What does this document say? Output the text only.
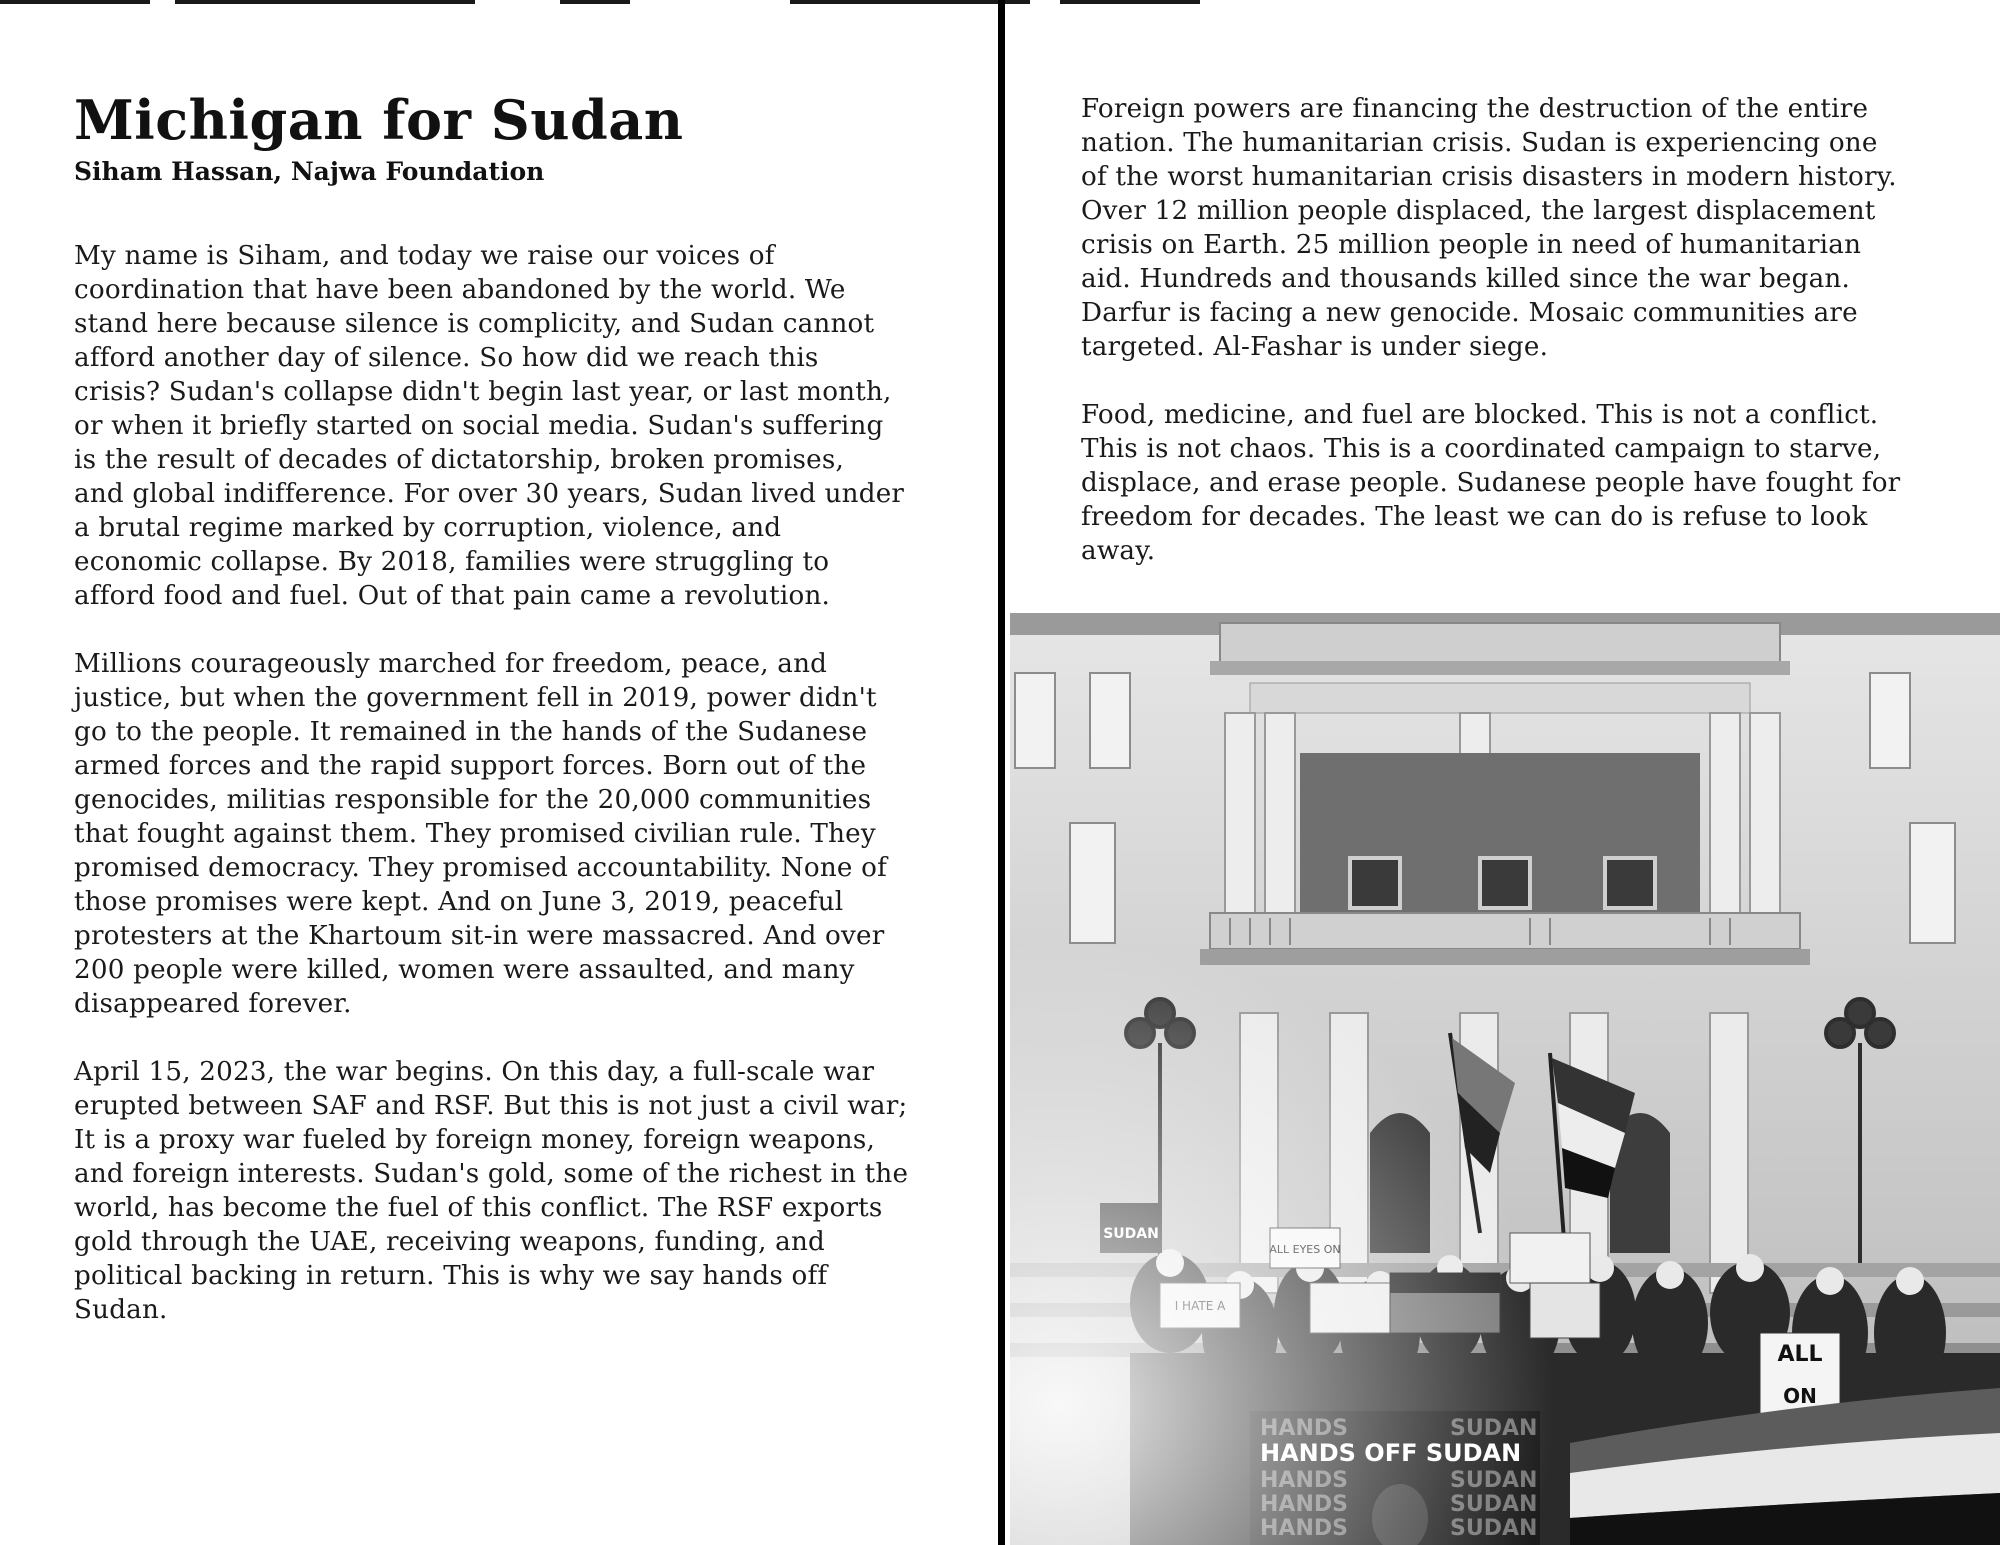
Michigan for Sudan

Siham Hassan, Najwa Foundation

My name is Siham, and today we raise our voices of
coordination that have been abandoned by the world. We
stand here because silence is complicity, and Sudan cannot
afford another day of silence. So how did we reach this
crisis? Sudan's collapse didn't begin last year, or last month,
or when it briefly started on social media. Sudan's suffering
is the result of decades of dictatorship, broken promises,
and global indifference. For over 30 years, Sudan lived under
a brutal regime marked by corruption, violence, and
economic collapse. By 2018, families were struggling to
afford food and fuel. Out of that pain came a revolution.

Millions courageously marched for freedom, peace, and
justice, but when the government fell in 2019, power didn't
go to the people. It remained in the hands of the Sudanese
armed forces and the rapid support forces. Born out of the
genocides, militias responsible for the 20,000 communities
that fought against them. They promised civilian rule. They
promised democracy. They promised accountability. None of
those promises were kept. And on June 3, 2019, peaceful
protesters at the Khartoum sit-in were massacred. And over
200 people were killed, women were assaulted, and many
disappeared forever.

April 15, 2023, the war begins. On this day, a full-scale war
erupted between SAF and RSF. But this is not just a civil war;
It is a proxy war fueled by foreign money, foreign weapons,
and foreign interests. Sudan's gold, some of the richest in the
world, has become the fuel of this conflict. The RSF exports
gold through the UAE, receiving weapons, funding, and
political backing in return. This is why we say hands off
Sudan.

Foreign powers are financing the destruction of the entire
nation. The humanitarian crisis. Sudan is experiencing one
of the worst humanitarian crisis disasters in modern history.
Over 12 million people displaced, the largest displacement
crisis on Earth. 25 million people in need of humanitarian
aid. Hundreds and thousands killed since the war began.
Darfur is facing a new genocide. Mosaic communities are
targeted. Al-Fashar is under siege.

Food, medicine, and fuel are blocked. This is not a conflict.
This is not chaos. This is a coordinated campaign to starve,
displace, and erase people. Sudanese people have fought for
freedom for decades. The least we can do is refuse to look
away.
